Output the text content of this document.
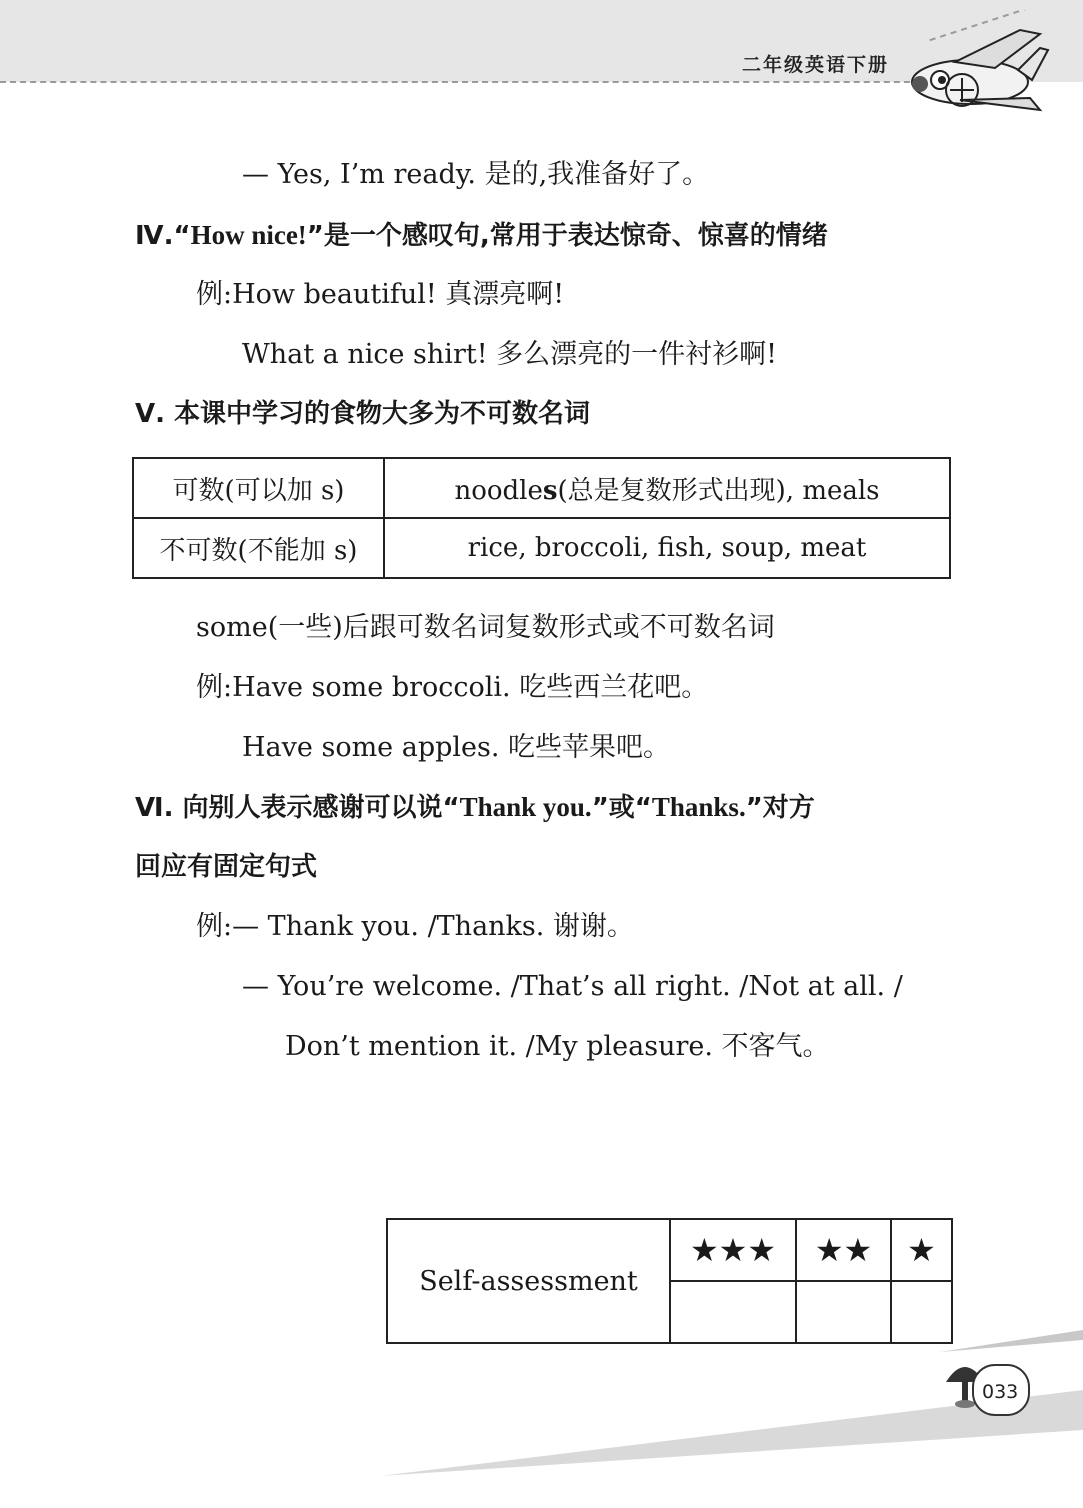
二年级英语下册
— Yes, I’m ready. 是的,我准备好了。
Ⅳ.“How nice!”是一个感叹句,常用于表达惊奇、惊喜的情绪
例:How beautiful! 真漂亮啊!
What a nice shirt! 多么漂亮的一件衬衫啊!
Ⅴ. 本课中学习的食物大多为不可数名词
可数(可以加 s)	noodles(总是复数形式出现), meals
不可数(不能加 s)	rice, broccoli, fish, soup, meat
some(一些)后跟可数名词复数形式或不可数名词
例:Have some broccoli. 吃些西兰花吧。
Have some apples. 吃些苹果吧。
Ⅵ. 向别人表示感谢可以说“Thank you.”或“Thanks.”对方
回应有固定句式
例:— Thank you. /Thanks. 谢谢。
— You’re welcome. /That’s all right. /Not at all. /
Don’t mention it. /My pleasure. 不客气。
Self-assessment	★★★	★★	★

033
